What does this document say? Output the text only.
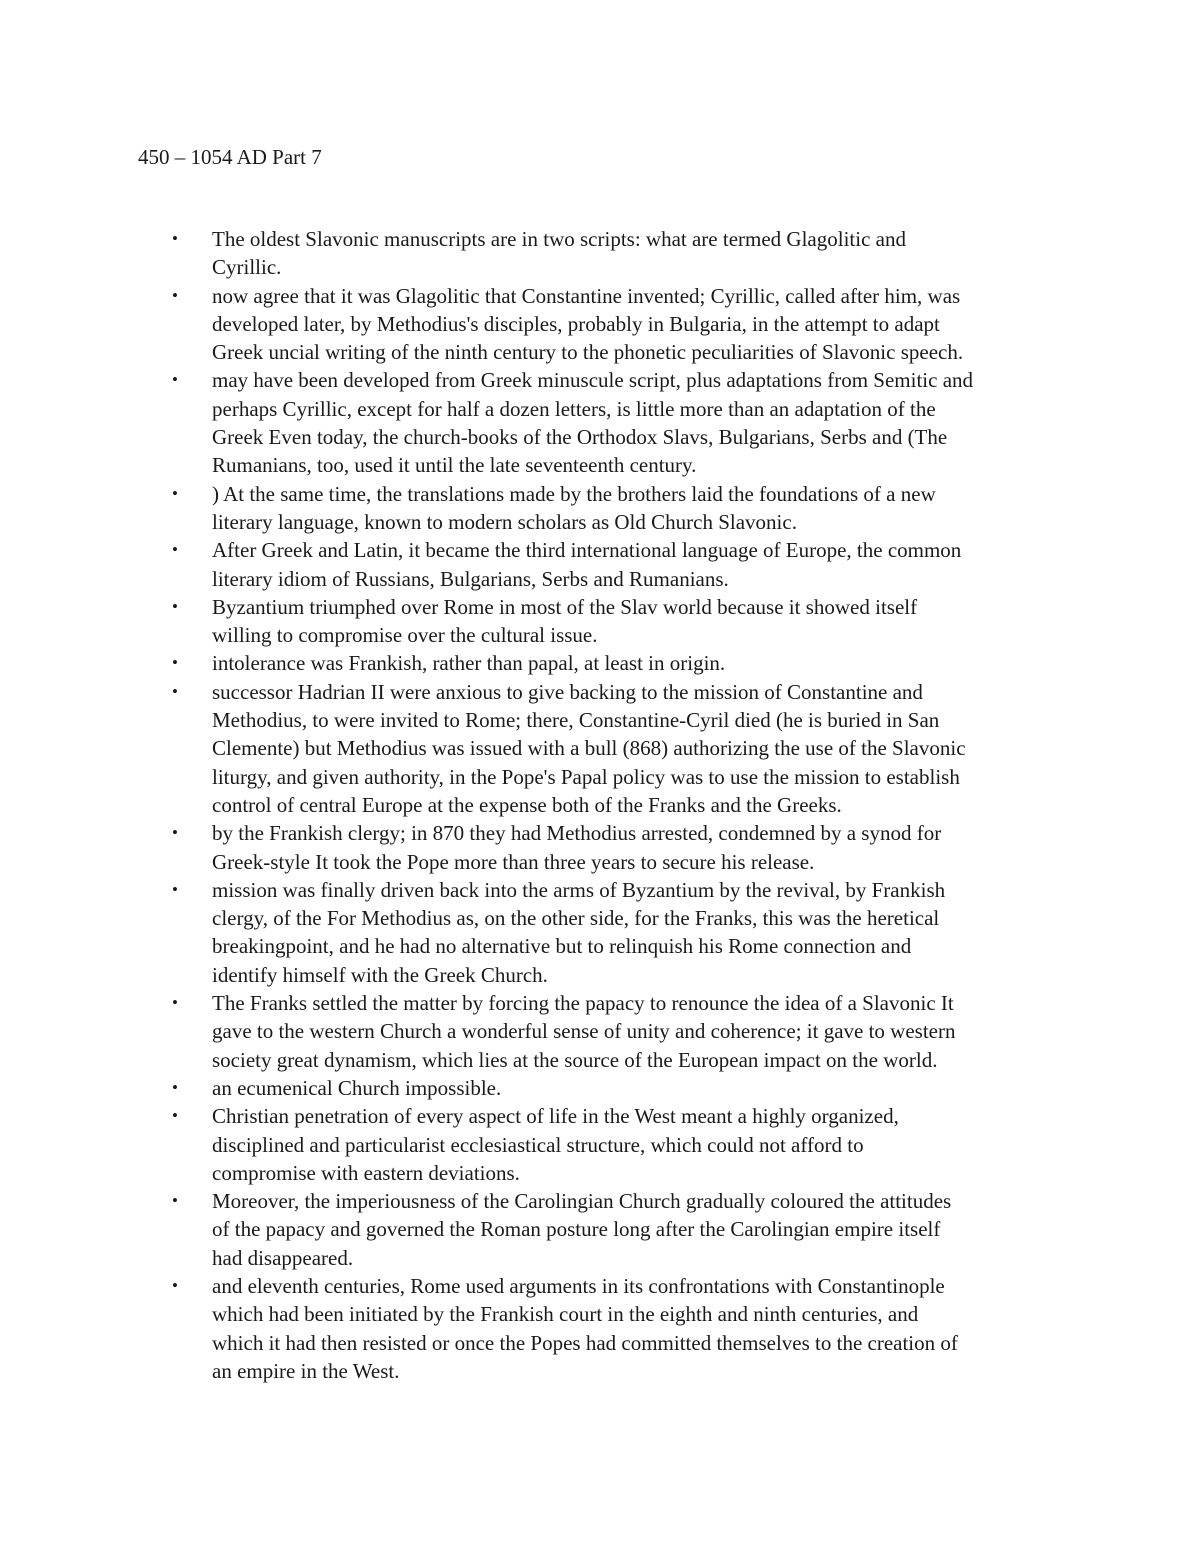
450 – 1054 AD Part 7
• The oldest Slavonic manuscripts are in two scripts: what are termed Glagolitic and
Cyrillic.
• now agree that it was Glagolitic that Constantine invented; Cyrillic, called after him, was
developed later, by Methodius's disciples, probably in Bulgaria, in the attempt to adapt
Greek uncial writing of the ninth century to the phonetic peculiarities of Slavonic speech.
• may have been developed from Greek minuscule script, plus adaptations from Semitic and
perhaps Cyrillic, except for half a dozen letters, is little more than an adaptation of the
Greek Even today, the church-books of the Orthodox Slavs, Bulgarians, Serbs and (The
Rumanians, too, used it until the late seventeenth century.
• ) At the same time, the translations made by the brothers laid the foundations of a new
literary language, known to modern scholars as Old Church Slavonic.
• After Greek and Latin, it became the third international language of Europe, the common
literary idiom of Russians, Bulgarians, Serbs and Rumanians.
• Byzantium triumphed over Rome in most of the Slav world because it showed itself
willing to compromise over the cultural issue.
• intolerance was Frankish, rather than papal, at least in origin.
• successor Hadrian II were anxious to give backing to the mission of Constantine and
Methodius, to were invited to Rome; there, Constantine-Cyril died (he is buried in San
Clemente) but Methodius was issued with a bull (868) authorizing the use of the Slavonic
liturgy, and given authority, in the Pope's Papal policy was to use the mission to establish
control of central Europe at the expense both of the Franks and the Greeks.
• by the Frankish clergy; in 870 they had Methodius arrested, condemned by a synod for
Greek-style It took the Pope more than three years to secure his release.
• mission was finally driven back into the arms of Byzantium by the revival, by Frankish
clergy, of the For Methodius as, on the other side, for the Franks, this was the heretical
breakingpoint, and he had no alternative but to relinquish his Rome connection and
identify himself with the Greek Church.
• The Franks settled the matter by forcing the papacy to renounce the idea of a Slavonic It
gave to the western Church a wonderful sense of unity and coherence; it gave to western
society great dynamism, which lies at the source of the European impact on the world.
• an ecumenical Church impossible.
• Christian penetration of every aspect of life in the West meant a highly organized,
disciplined and particularist ecclesiastical structure, which could not afford to
compromise with eastern deviations.
• Moreover, the imperiousness of the Carolingian Church gradually coloured the attitudes
of the papacy and governed the Roman posture long after the Carolingian empire itself
had disappeared.
• and eleventh centuries, Rome used arguments in its confrontations with Constantinople
which had been initiated by the Frankish court in the eighth and ninth centuries, and
which it had then resisted or once the Popes had committed themselves to the creation of
an empire in the West.
